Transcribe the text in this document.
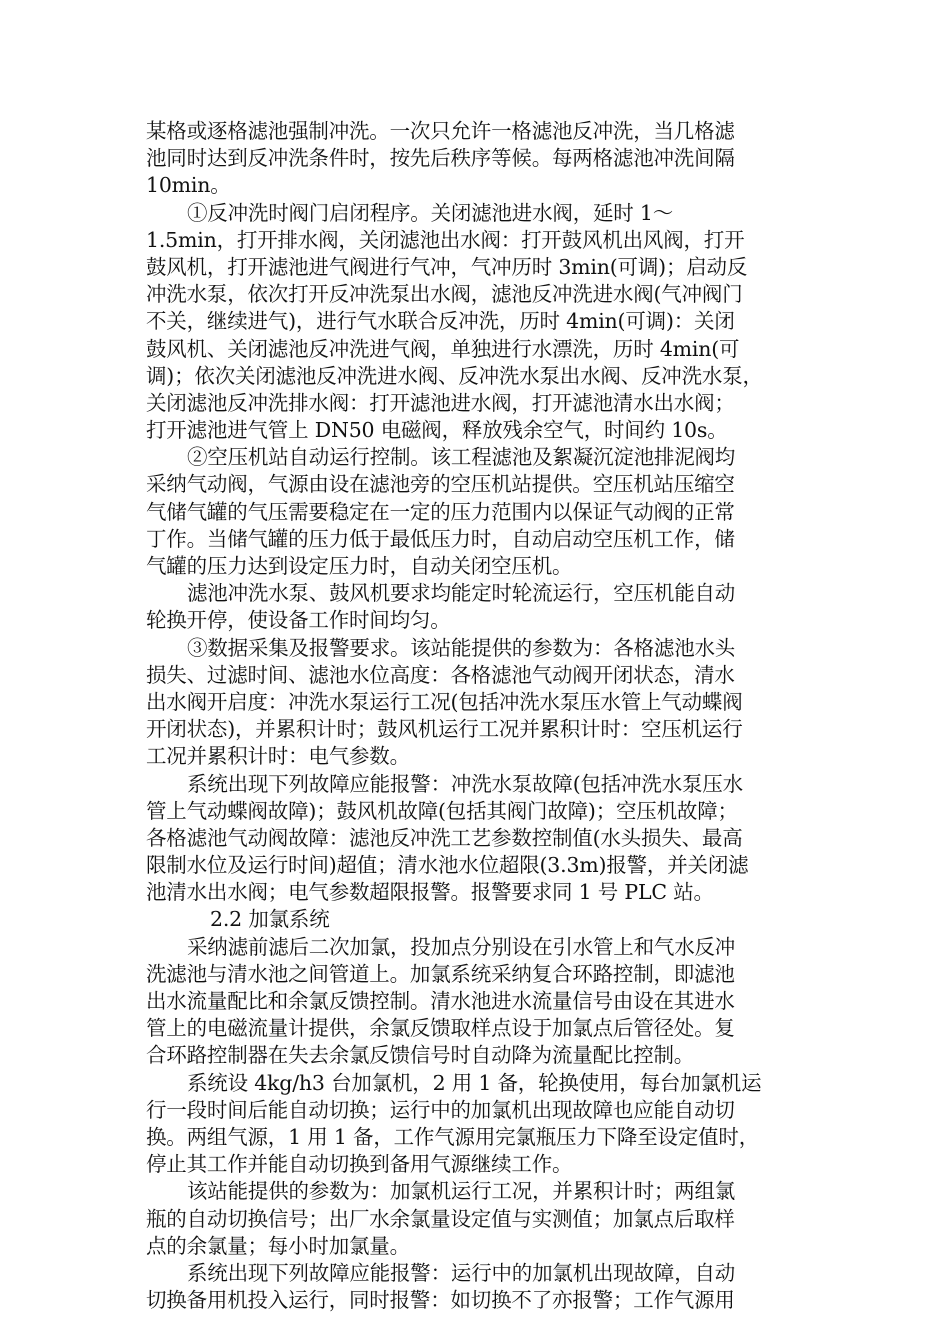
某格或逐格滤池强制冲洗。一次只允许一格滤池反冲洗，当几格滤
池同时达到反冲洗条件时，按先后秩序等候。每两格滤池冲洗间隔
10min。
①反冲洗时阀门启闭程序。关闭滤池进水阀，延时 1～
1.5min，打开排水阀，关闭滤池出水阀：打开鼓风机出风阀，打开
鼓风机，打开滤池进气阀进行气冲，气冲历时 3min(可调)；启动反
冲洗水泵，依次打开反冲洗泵出水阀，滤池反冲洗进水阀(气冲阀门
不关，继续进气)，进行气水联合反冲洗，历时 4min(可调)：关闭
鼓风机、关闭滤池反冲洗进气阀，单独进行水漂洗，历时 4min(可
调)；依次关闭滤池反冲洗进水阀、反冲洗水泵出水阀、反冲洗水泵，
关闭滤池反冲洗排水阀：打开滤池进水阀，打开滤池清水出水阀；
打开滤池进气管上 DN50 电磁阀，释放残余空气，时间约 10s。
②空压机站自动运行控制。该工程滤池及絮凝沉淀池排泥阀均
采纳气动阀，气源由设在滤池旁的空压机站提供。空压机站压缩空
气储气罐的气压需要稳定在一定的压力范围内以保证气动阀的正常
丁作。当储气罐的压力低于最低压力时，自动启动空压机工作，储
气罐的压力达到设定压力时，自动关闭空压机。
滤池冲洗水泵、鼓风机要求均能定时轮流运行，空压机能自动
轮换开停，使设备工作时间均匀。
③数据采集及报警要求。该站能提供的参数为：各格滤池水头
损失、过滤时间、滤池水位高度：各格滤池气动阀开闭状态，清水
出水阀开启度：冲洗水泵运行工况(包括冲洗水泵压水管上气动蝶阀
开闭状态)，并累积计时；鼓风机运行工况并累积计时：空压机运行
工况并累积计时：电气参数。
系统出现下列故障应能报警：冲洗水泵故障(包括冲洗水泵压水
管上气动蝶阀故障)；鼓风机故障(包括其阀门故障)；空压机故障；
各格滤池气动阀故障：滤池反冲洗工艺参数控制值(水头损失、最高
限制水位及运行时间)超值；清水池水位超限(3.3m)报警，并关闭滤
池清水出水阀；电气参数超限报警。报警要求同 1 号 PLC 站。
2.2 加氯系统
采纳滤前滤后二次加氯，投加点分别设在引水管上和气水反冲
洗滤池与清水池之间管道上。加氯系统采纳复合环路控制，即滤池
出水流量配比和余氯反馈控制。清水池进水流量信号由设在其进水
管上的电磁流量计提供，余氯反馈取样点设于加氯点后管径处。复
合环路控制器在失去余氯反馈信号时自动降为流量配比控制。
系统设 4kg/h3 台加氯机，2 用 1 备，轮换使用，每台加氯机运
行一段时间后能自动切换；运行中的加氯机出现故障也应能自动切
换。两组气源，1 用 1 备，工作气源用完氯瓶压力下降至设定值时，
停止其工作并能自动切换到备用气源继续工作。
该站能提供的参数为：加氯机运行工况，并累积计时；两组氯
瓶的自动切换信号；出厂水余氯量设定值与实测值；加氯点后取样
点的余氯量；每小时加氯量。
系统出现下列故障应能报警：运行中的加氯机出现故障，自动
切换备用机投入运行，同时报警：如切换不了亦报警；工作气源用
